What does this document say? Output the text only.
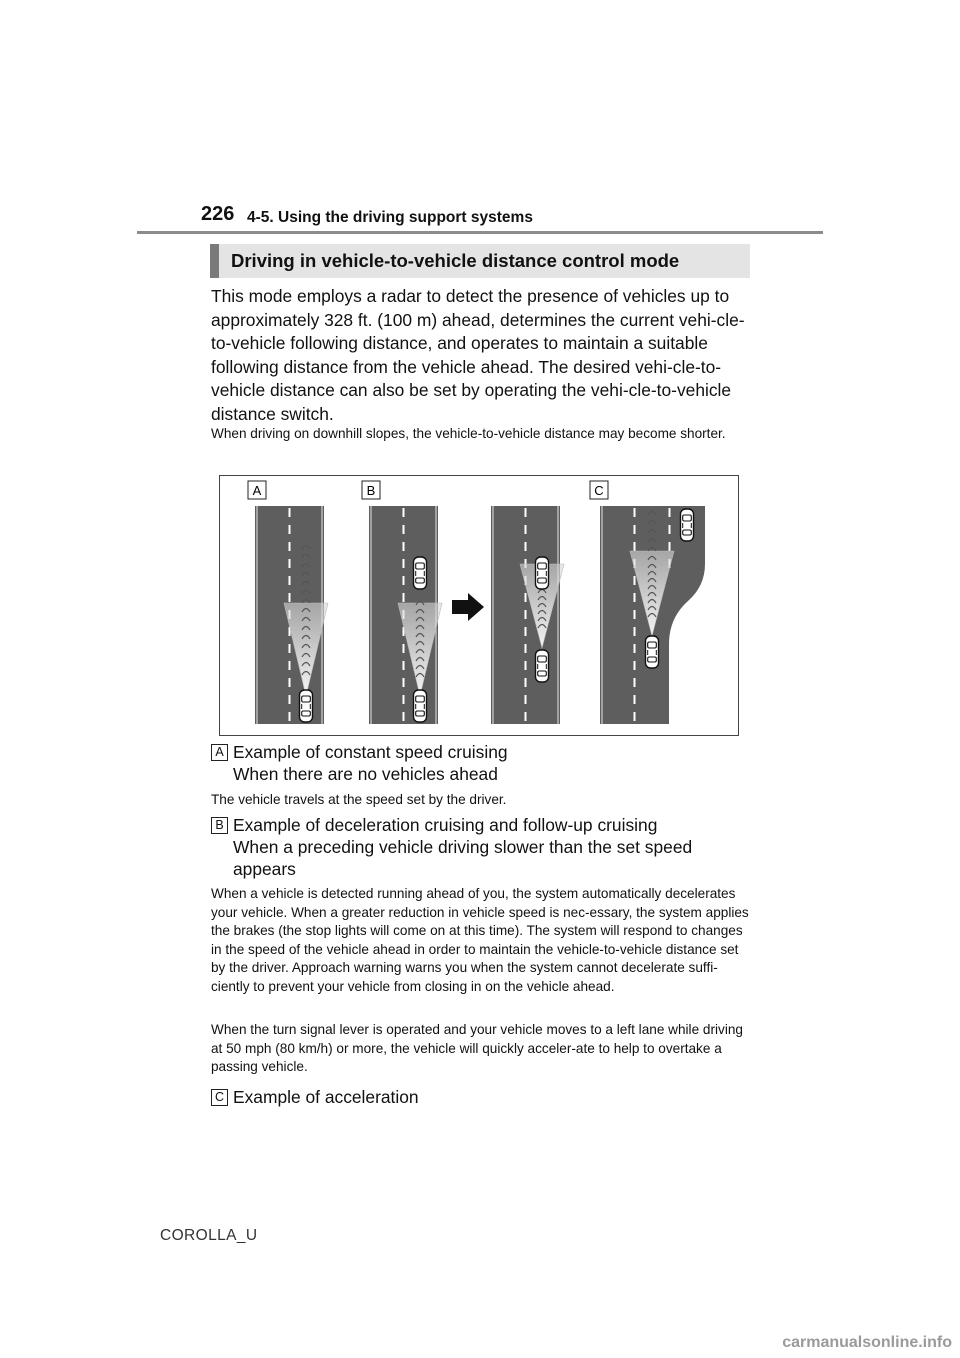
226 4-5. Using the driving support systems
Driving in vehicle-to-vehicle distance control mode

This mode employs a radar to detect the presence of vehicles up to approximately 328 ft. (100 m) ahead, determines the current vehi-cle-to-vehicle following distance, and operates to maintain a suitable following distance from the vehicle ahead. The desired vehi-cle-to-vehicle distance can also be set by operating the vehi-cle-to-vehicle distance switch.

When driving on downhill slopes, the vehicle-to-vehicle distance may become shorter.

A	B	C
A Example of constant speed cruising

When there are no vehicles ahead

The vehicle travels at the speed set by the driver.

B Example of deceleration cruising and follow-up cruising

When a preceding vehicle driving slower than the set speed appears

When a vehicle is detected running ahead of you, the system automatically decelerates your vehicle. When a greater reduction in vehicle speed is nec-essary, the system applies the brakes (the stop lights will come on at this time). The system will respond to changes in the speed of the vehicle ahead in order to maintain the vehicle-to-vehicle distance set by the driver. Approach warning warns you when the system cannot decelerate suffi-ciently to prevent your vehicle from closing in on the vehicle ahead.

When the turn signal lever is operated and your vehicle moves to a left lane while driving at 50 mph (80 km/h) or more, the vehicle will quickly acceler-ate to help to overtake a passing vehicle.

C Example of acceleration

COROLLA_U
carmanualsonline.info
